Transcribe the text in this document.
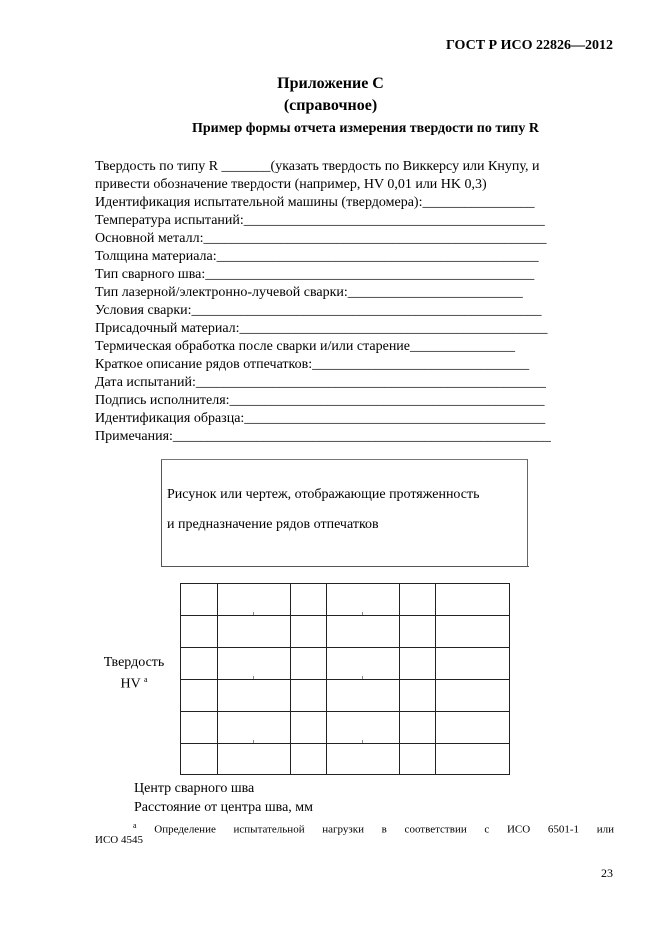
ГОСТ Р ИСО 22826—2012
Приложение С
(справочное)
Пример формы отчета измерения твердости по типу R
Твердость по типу R _______(указать твердость по Виккерсу или Кнупу, и
привести обозначение твердости (например, HV 0,01 или HK 0,3)
Идентификация испытательной машины (твердомера):________________
Температура испытаний:___________________________________________
Основной металл:_________________________________________________
Толщина материала:______________________________________________
Тип сварного шва:_______________________________________________
Тип лазерной/электронно-лучевой сварки:_________________________
Условия сварки:__________________________________________________
Присадочный материал:____________________________________________
Термическая обработка после сварки и/или старение_______________
Краткое описание рядов отпечатков:_______________________________
Дата испытаний:__________________________________________________
Подпись исполнителя:_____________________________________________
Идентификация образца:___________________________________________
Примечания:______________________________________________________
Рисунок или чертеж, отображающие протяженность
и предназначение рядов отпечатков
Твердость
HV $^a$
Центр сварного шва
Расстояние от центра шва, мм
$^a$ Определение испытательной нагрузки в соответствии с ИСО 6501-1 или
ИСО 4545
23
